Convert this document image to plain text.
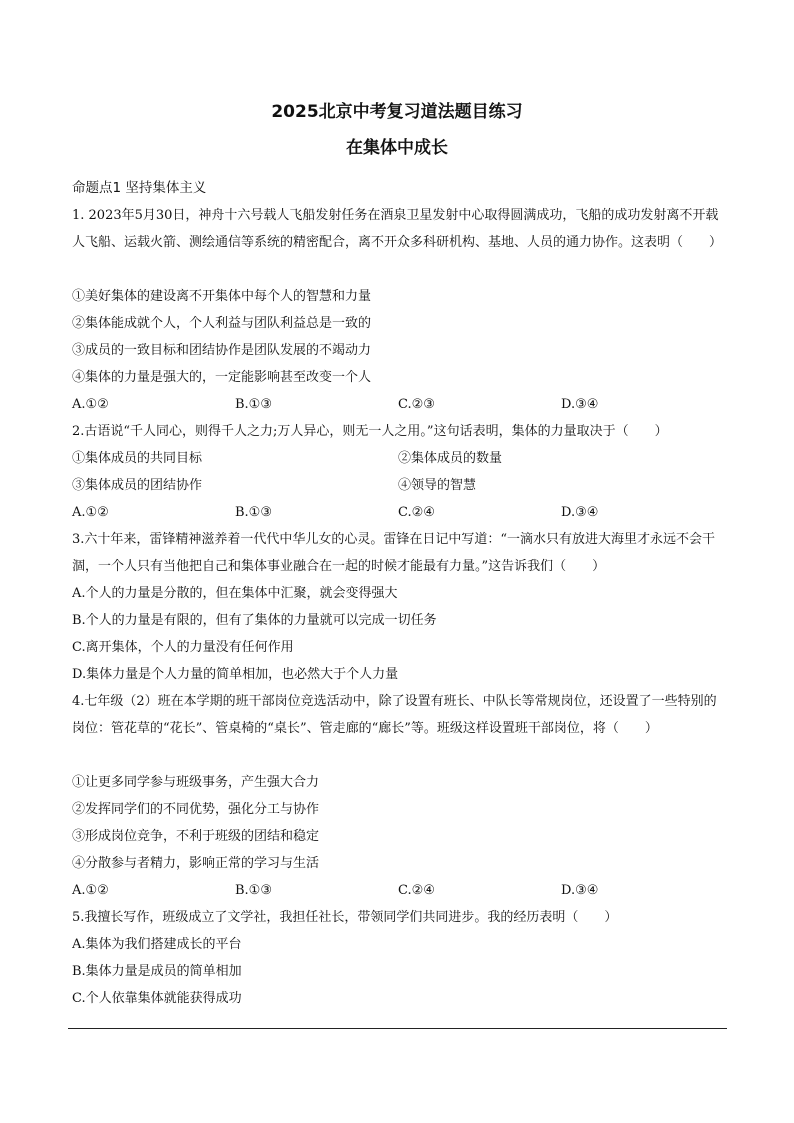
2025北京中考复习道法题目练习
在集体中成长
命题点1 坚持集体主义
1. 2023年5月30日，神舟十六号载人飞船发射任务在酒泉卫星发射中心取得圆满成功，飞船的成功发射离不开载人飞船、运载火箭、测绘通信等系统的精密配合，离不开众多科研机构、基地、人员的通力协作。这表明（　　）
①美好集体的建设离不开集体中每个人的智慧和力量
②集体能成就个人，个人利益与团队利益总是一致的
③成员的一致目标和团结协作是团队发展的不竭动力
④集体的力量是强大的，一定能影响甚至改变一个人
A.①②	B.①③	C.②③	D.③④
2.古语说“千人同心，则得千人之力;万人异心，则无一人之用。”这句话表明，集体的力量取决于（　　）
①集体成员的共同目标	②集体成员的数量
③集体成员的团结协作	④领导的智慧
A.①②	B.①③	C.②④	D.③④
3.六十年来，雷锋精神滋养着一代代中华儿女的心灵。雷锋在日记中写道：“一滴水只有放进大海里才永远不会干涸，一个人只有当他把自己和集体事业融合在一起的时候才能最有力量。”这告诉我们（　　）
A.个人的力量是分散的，但在集体中汇聚，就会变得强大
B.个人的力量是有限的，但有了集体的力量就可以完成一切任务
C.离开集体，个人的力量没有任何作用
D.集体力量是个人力量的简单相加，也必然大于个人力量
4.七年级（2）班在本学期的班干部岗位竞选活动中，除了设置有班长、中队长等常规岗位，还设置了一些特别的岗位：管花草的“花长”、管桌椅的“桌长”、管走廊的“廊长”等。班级这样设置班干部岗位，将（　　）
①让更多同学参与班级事务，产生强大合力
②发挥同学们的不同优势，强化分工与协作
③形成岗位竞争，不利于班级的团结和稳定
④分散参与者精力，影响正常的学习与生活
A.①②	B.①③	C.②④	D.③④
5.我擅长写作，班级成立了文学社，我担任社长，带领同学们共同进步。我的经历表明（　　）
A.集体为我们搭建成长的平台
B.集体力量是成员的简单相加
C.个人依靠集体就能获得成功
